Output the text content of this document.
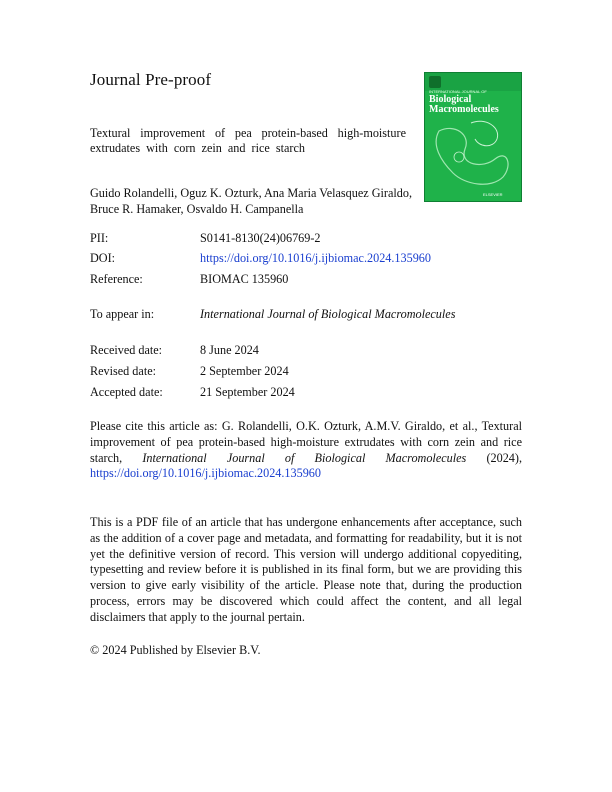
Journal Pre-proof
INTERNATIONAL JOURNAL OF
Biological
Macromolecules
ELSEVIER
Textural improvement of pea protein-based high-moisture extrudates with corn zein and rice starch
Guido Rolandelli, Oguz K. Ozturk, Ana Maria Velasquez Giraldo,
Bruce R. Hamaker, Osvaldo H. Campanella
PII:	S0141-8130(24)06769-2
DOI:	https://doi.org/10.1016/j.ijbiomac.2024.135960
Reference:	BIOMAC 135960
To appear in:	International Journal of Biological Macromolecules
Received date:	8 June 2024
Revised date:	2 September 2024
Accepted date:	21 September 2024
Please cite this article as: G. Rolandelli, O.K. Ozturk, A.M.V. Giraldo, et al., Textural improvement of pea protein-based high-moisture extrudates with corn zein and rice starch, International Journal of Biological Macromolecules (2024), https://doi.org/10.1016/j.ijbiomac.2024.135960
This is a PDF file of an article that has undergone enhancements after acceptance, such as the addition of a cover page and metadata, and formatting for readability, but it is not yet the definitive version of record. This version will undergo additional copyediting, typesetting and review before it is published in its final form, but we are providing this version to give early visibility of the article. Please note that, during the production process, errors may be discovered which could affect the content, and all legal disclaimers that apply to the journal pertain.
© 2024 Published by Elsevier B.V.
